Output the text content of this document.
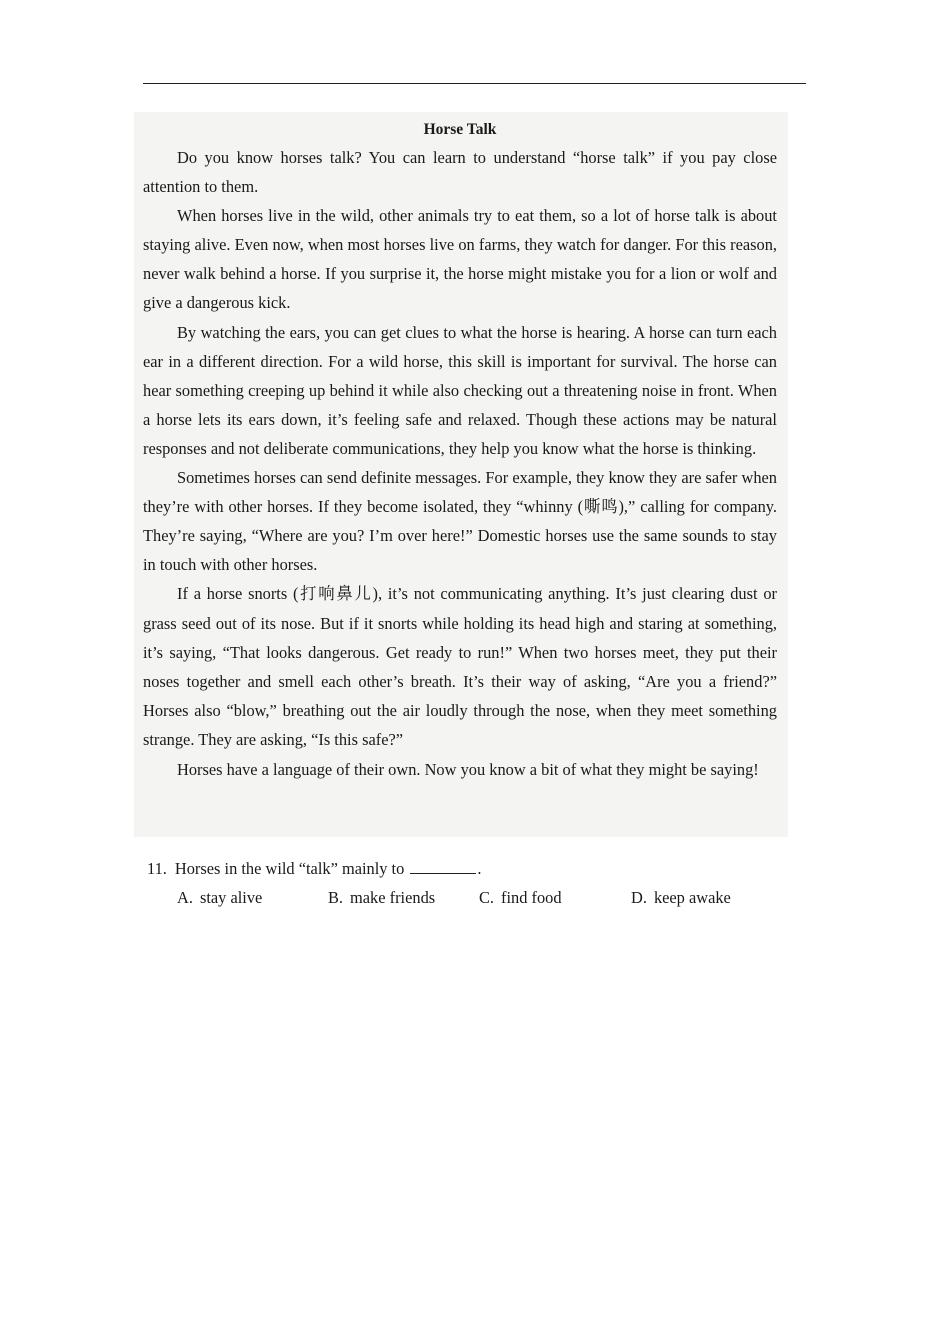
Horse Talk

Do you know horses talk? You can learn to understand “horse talk” if you pay close attention to them.

When horses live in the wild, other animals try to eat them, so a lot of horse talk is about staying alive. Even now, when most horses live on farms, they watch for danger. For this reason, never walk behind a horse. If you surprise it, the horse might mistake you for a lion or wolf and give a dangerous kick.

By watching the ears, you can get clues to what the horse is hearing. A horse can turn each ear in a different direction. For a wild horse, this skill is important for survival. The horse can hear something creeping up behind it while also checking out a threatening noise in front. When a horse lets its ears down, it’s feeling safe and relaxed. Though these actions may be natural responses and not deliberate communications, they help you know what the horse is thinking.

Sometimes horses can send definite messages. For example, they know they are safer when they’re with other horses. If they become isolated, they “whinny (嘶鸣),” calling for company. They’re saying, “Where are you? I’m over here!” Domestic horses use the same sounds to stay in touch with other horses.

If a horse snorts (打响鼻儿), it’s not communicating anything. It’s just clearing dust or grass seed out of its nose. But if it snorts while holding its head high and staring at something, it’s saying, “That looks dangerous. Get ready to run!” When two horses meet, they put their noses together and smell each other’s breath. It’s their way of asking, “Are you a friend?” Horses also “blow,” breathing out the air loudly through the nose, when they meet something strange. They are asking, “Is this safe?”

Horses have a language of their own. Now you know a bit of what they might be saying!

11. Horses in the wild “talk” mainly to	.
A. stay alive	B. make friends	C. find food	D. keep awake
